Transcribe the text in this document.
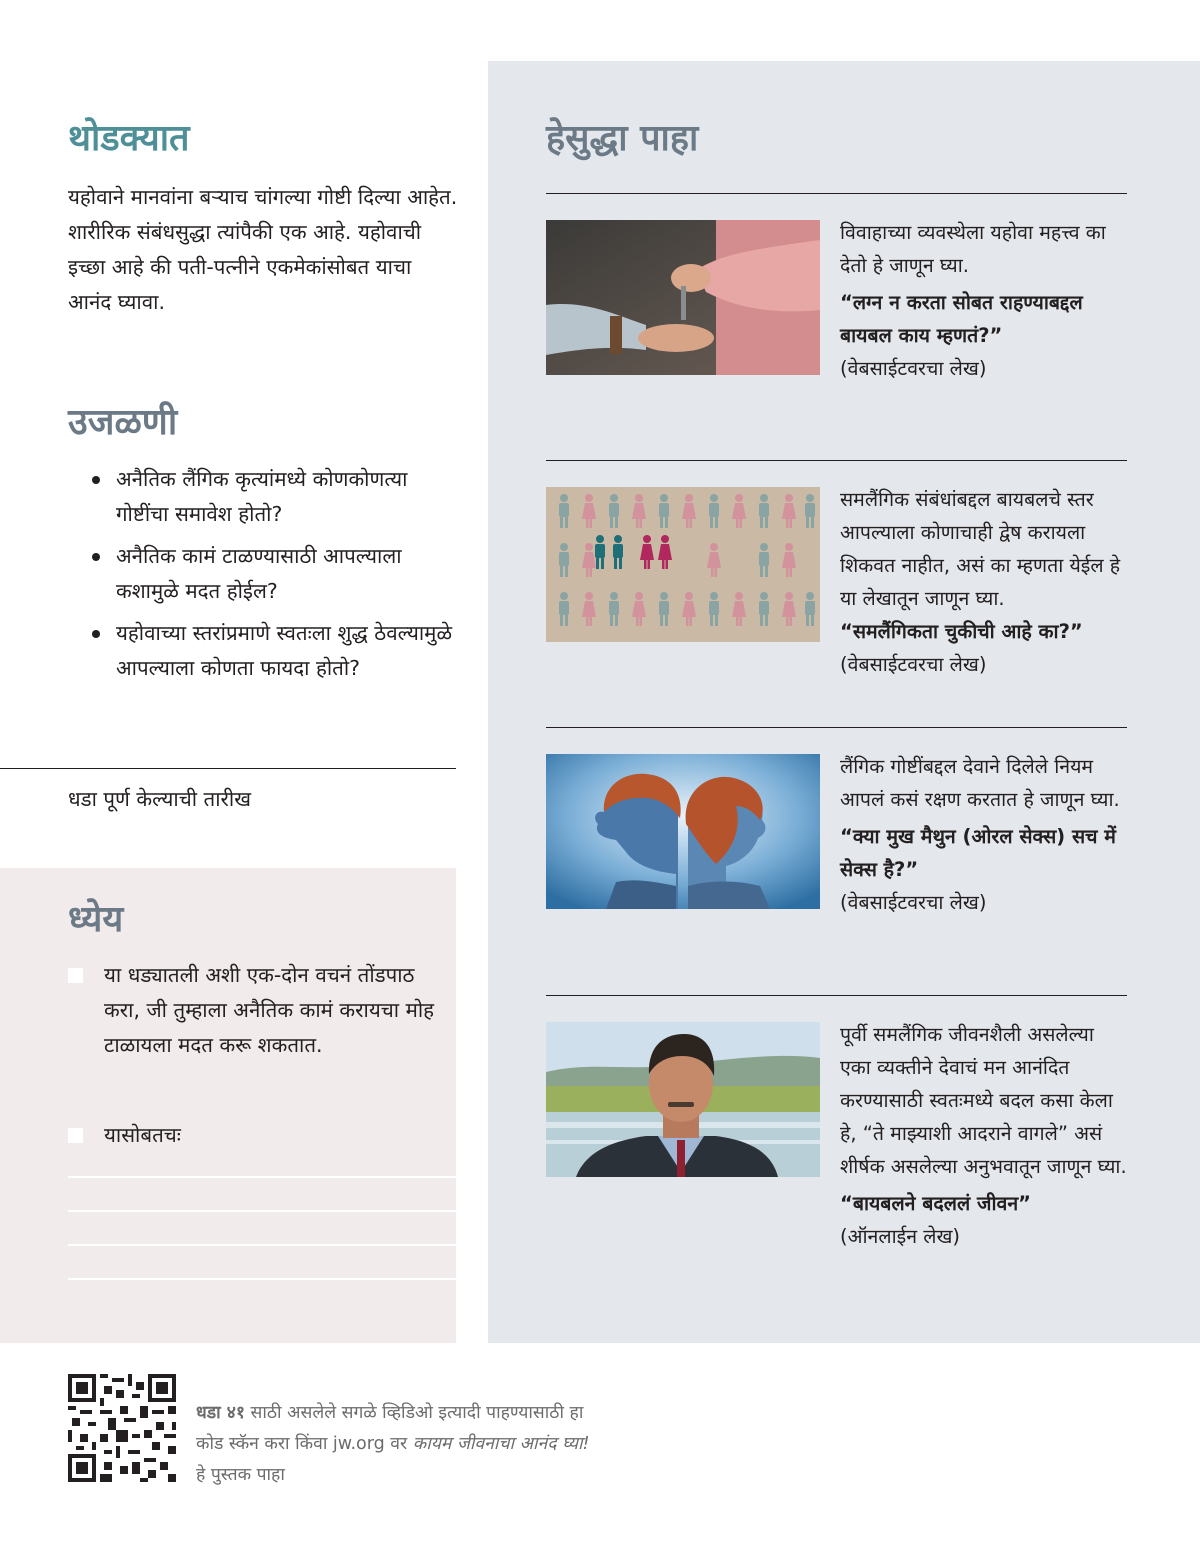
थोडक्यात
यहोवाने मानवांना बऱ्याच चांगल्या गोष्टी दिल्या आहेत. शारीरिक संबंधसुद्धा त्यांपैकी एक आहे. यहोवाची इच्छा आहे की पती-पत्नीने एकमेकांसोबत याचा आनंद घ्यावा.
उजळणी
अनैतिक लैंगिक कृत्यांमध्ये कोणकोणत्या गोष्टींचा समावेश होतो?
अनैतिक कामं टाळण्यासाठी आपल्याला कशामुळे मदत होईल?
यहोवाच्या स्तरांप्रमाणे स्वतःला शुद्ध ठेवल्यामुळे आपल्याला कोणता फायदा होतो?
धडा पूर्ण केल्याची तारीख
ध्येय
या धड्यातली अशी एक-दोन वचनं तोंडपाठ करा, जी तुम्हाला अनैतिक कामं करायचा मोह टाळायला मदत करू शकतात.
यासोबतचः
हेसुद्धा पाहा
विवाहाच्या व्यवस्थेला यहोवा महत्त्व का देतो हे जाणून घ्या.
“लग्न न करता सोबत राहण्याबद्दल बायबल काय म्हणतं?”
(वेबसाईटवरचा लेख)
समलैंगिक संबंधांबद्दल बायबलचे स्तर आपल्याला कोणाचाही द्वेष करायला शिकवत नाहीत, असं का म्हणता येईल हे या लेखातून जाणून घ्या.
“समलैंगिकता चुकीची आहे का?” (वेबसाईटवरचा लेख)
लैंगिक गोष्टींबद्दल देवाने दिलेले नियम आपलं कसं रक्षण करतात हे जाणून घ्या.
“क्या मुख मैथुन (ओरल सेक्स) सच में सेक्स है?”
(वेबसाईटवरचा लेख)
पूर्वी समलैंगिक जीवनशैली असलेल्या एका व्यक्तीने देवाचं मन आनंदित करण्यासाठी स्वतःमध्ये बदल कसा केला हे, “ते माझ्याशी आदराने वागले” असं शीर्षक असलेल्या अनुभवातून जाणून घ्या.
“बायबलने बदललं जीवन”
(ऑनलाईन लेख)
धडा ४१ साठी असलेले सगळे व्हिडिओ इत्यादी पाहण्यासाठी हा कोड स्कॅन करा किंवा jw.org वर कायम जीवनाचा आनंद घ्या! हे पुस्तक पाहा
